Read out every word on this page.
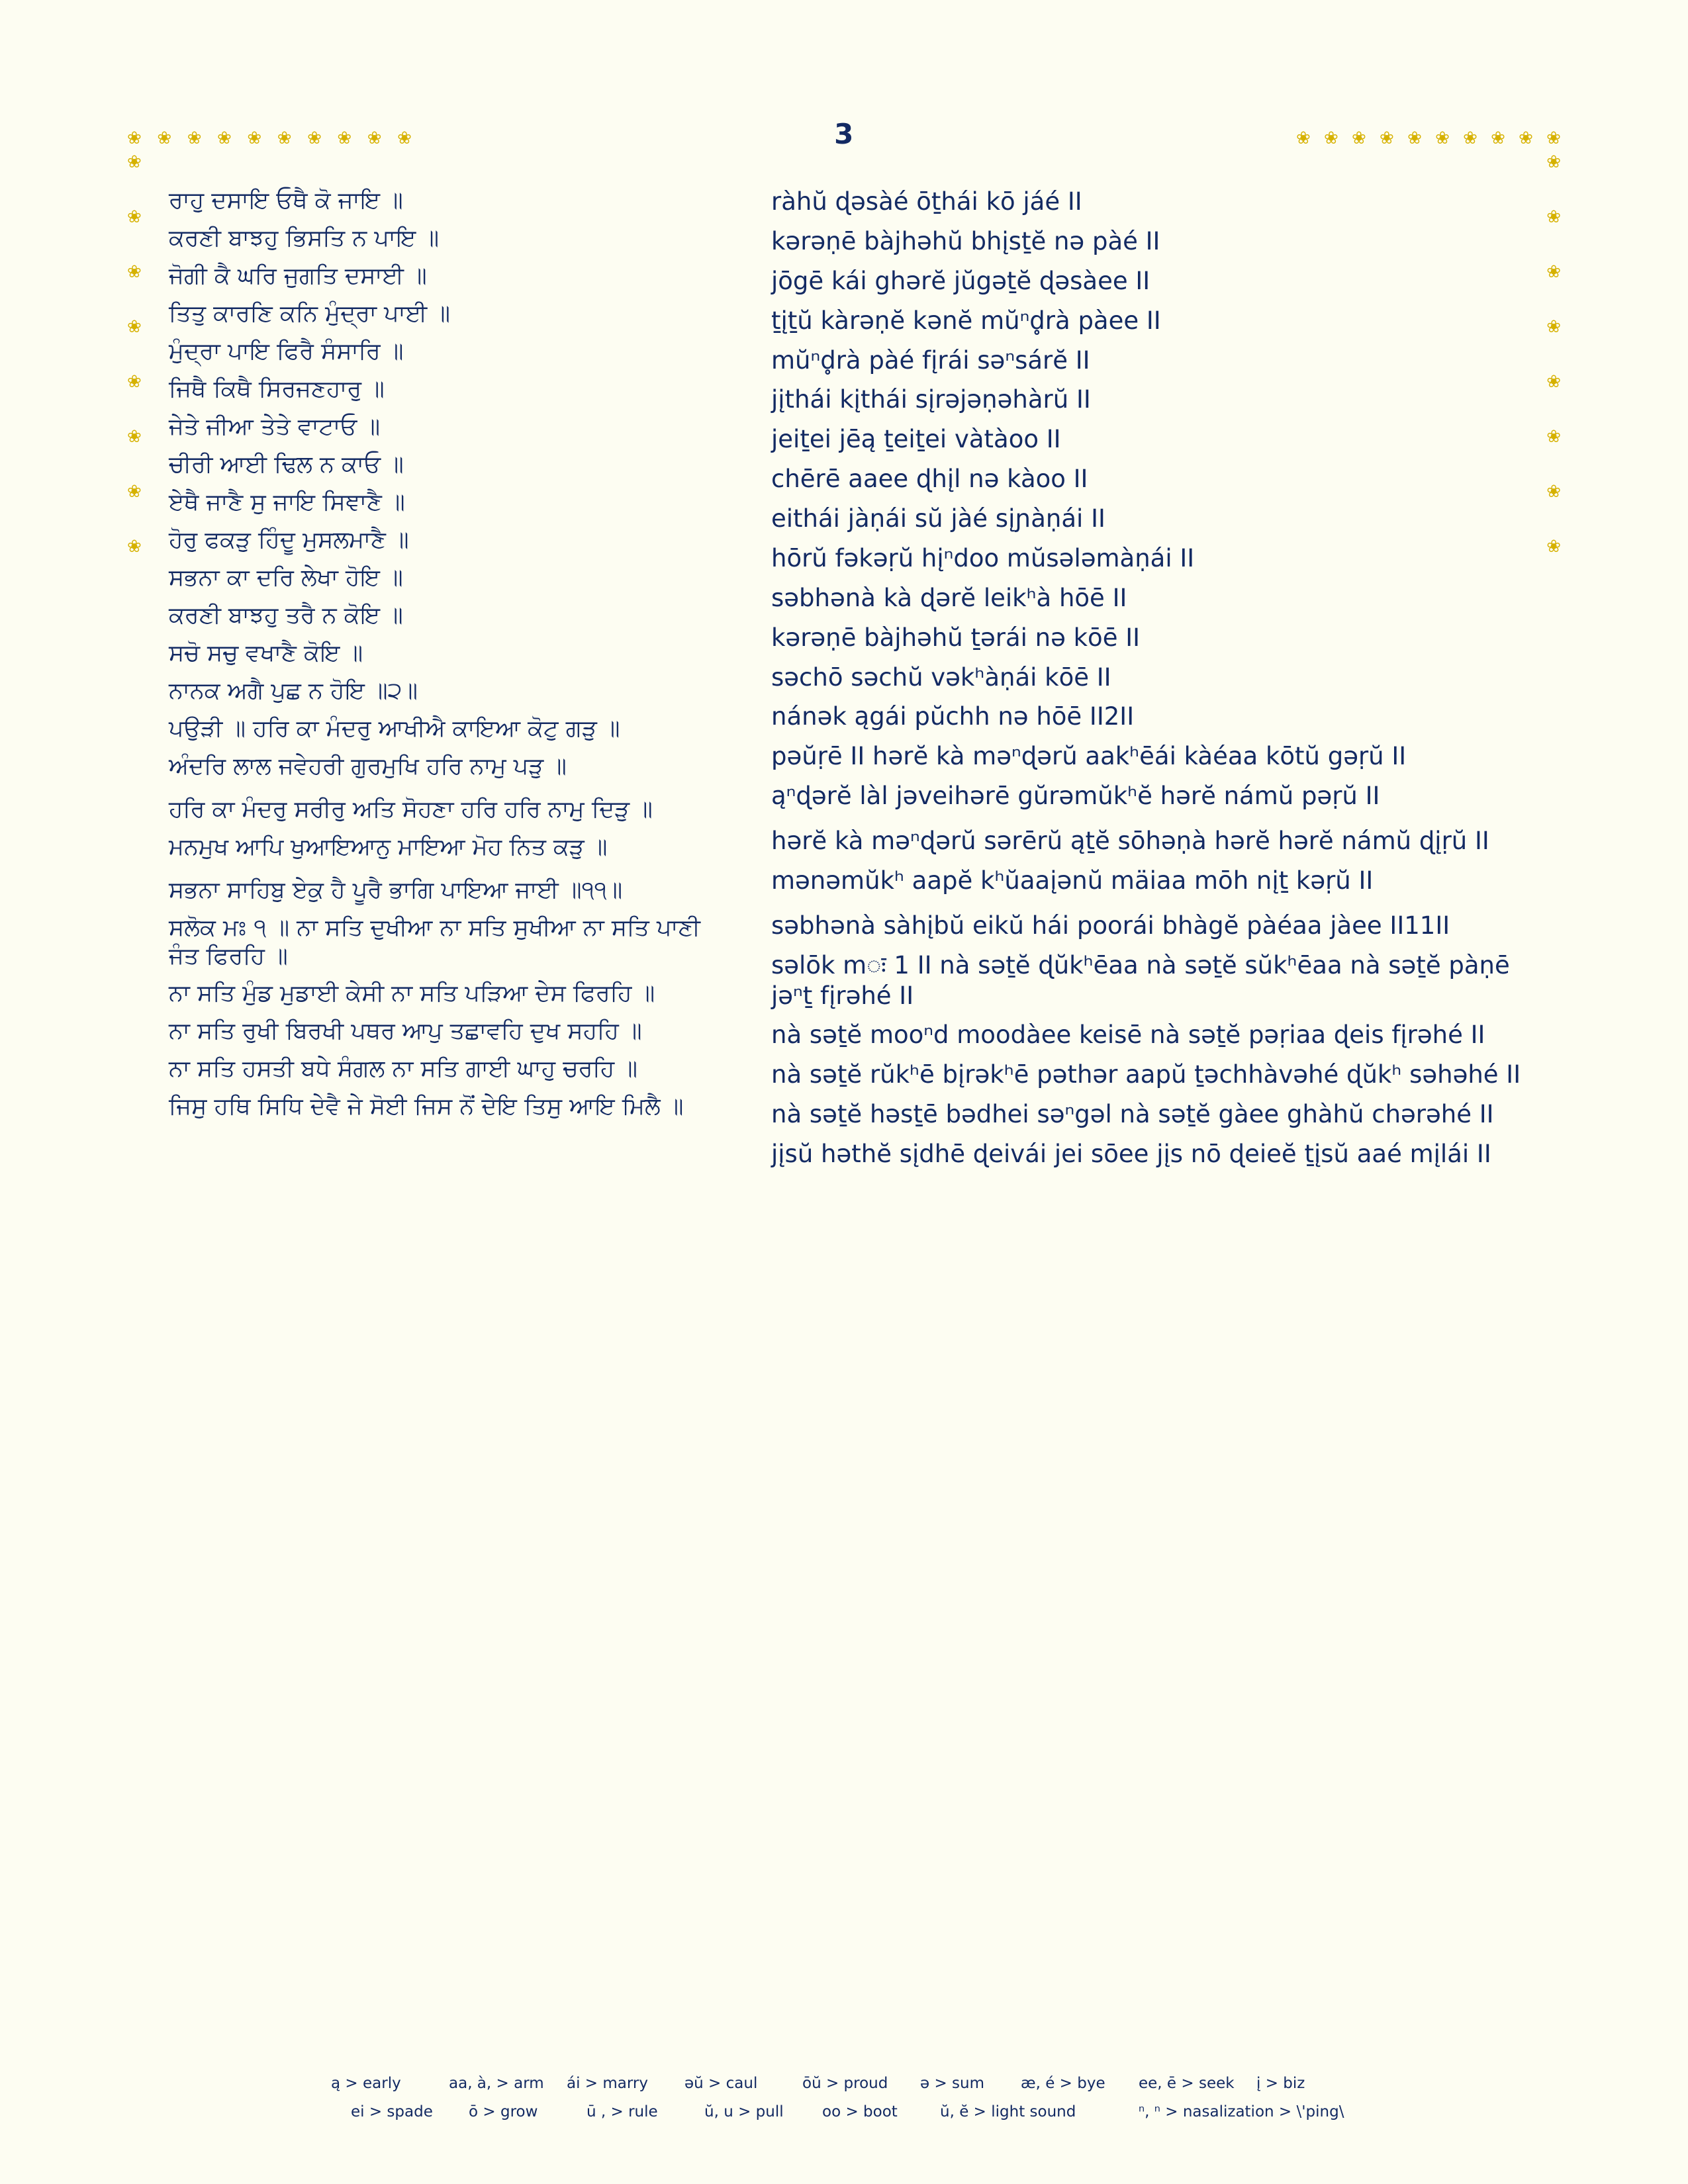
3
❀ ❀ ❀ ❀ ❀ ❀ ❀ ❀ ❀ ❀	❀ ❀ ❀ ❀ ❀ ❀ ❀ ❀ ❀ ❀
❀
❀
❀
❀
❀
❀
❀
❀
❀
❀
❀
❀
❀
❀
❀
❀
ਰਾਹੁ ਦਸਾਇ ਓਥੈ ਕੋ ਜਾਇ ॥
ਕਰਣੀ ਬਾਝਹੁ ਭਿਸਤਿ ਨ ਪਾਇ ॥
ਜੋਗੀ ਕੈ ਘਰਿ ਜੁਗਤਿ ਦਸਾਈ ॥
ਤਿਤੁ ਕਾਰਣਿ ਕਨਿ ਮੁੰਦ੍ਰਾ ਪਾਈ ॥
ਮੁੰਦ੍ਰਾ ਪਾਇ ਫਿਰੈ ਸੰਸਾਰਿ ॥
ਜਿਥੈ ਕਿਥੈ ਸਿਰਜਣਹਾਰੁ ॥
ਜੇਤੇ ਜੀਆ ਤੇਤੇ ਵਾਟਾਓ ॥
ਚੀਰੀ ਆਈ ਢਿਲ ਨ ਕਾਓ ॥
ਏਥੈ ਜਾਣੈ ਸੁ ਜਾਇ ਸਿਞਾਣੈ ॥
ਹੋਰੁ ਫਕੜੁ ਹਿੰਦੂ ਮੁਸਲਮਾਣੈ ॥
ਸਭਨਾ ਕਾ ਦਰਿ ਲੇਖਾ ਹੋਇ ॥
ਕਰਣੀ ਬਾਝਹੁ ਤਰੈ ਨ ਕੋਇ ॥
ਸਚੋ ਸਚੁ ਵਖਾਣੈ ਕੋਇ ॥
ਨਾਨਕ ਅਗੈ ਪੁਛ ਨ ਹੋਇ ॥੨॥
ਪਉੜੀ ॥ ਹਰਿ ਕਾ ਮੰਦਰੁ ਆਖੀਐ ਕਾਇਆ ਕੋਟੁ ਗੜੁ ॥
ਅੰਦਰਿ ਲਾਲ ਜਵੇਹਰੀ ਗੁਰਮੁਖਿ ਹਰਿ ਨਾਮੁ ਪੜੁ ॥
ਹਰਿ ਕਾ ਮੰਦਰੁ ਸਰੀਰੁ ਅਤਿ ਸੋਹਣਾ ਹਰਿ ਹਰਿ ਨਾਮੁ ਦਿੜੁ ॥
ਮਨਮੁਖ ਆਪਿ ਖੁਆਇਆਨੁ ਮਾਇਆ ਮੋਹ ਨਿਤ ਕੜੁ ॥
ਸਭਨਾ ਸਾਹਿਬੁ ਏਕੁ ਹੈ ਪੂਰੈ ਭਾਗਿ ਪਾਇਆ ਜਾਈ ॥੧੧॥
ਸਲੋਕ ਮਃ ੧ ॥ ਨਾ ਸਤਿ ਦੁਖੀਆ ਨਾ ਸਤਿ ਸੁਖੀਆ ਨਾ ਸਤਿ ਪਾਣੀ ਜੰਤ ਫਿਰਹਿ ॥
ਨਾ ਸਤਿ ਮੁੰਡ ਮੁਡਾਈ ਕੇਸੀ ਨਾ ਸਤਿ ਪੜਿਆ ਦੇਸ ਫਿਰਹਿ ॥
ਨਾ ਸਤਿ ਰੁਖੀ ਬਿਰਖੀ ਪਥਰ ਆਪੁ ਤਛਾਵਹਿ ਦੁਖ ਸਹਹਿ ॥
ਨਾ ਸਤਿ ਹਸਤੀ ਬਧੇ ਸੰਗਲ ਨਾ ਸਤਿ ਗਾਈ ਘਾਹੁ ਚਰਹਿ ॥
ਜਿਸੁ ਹਥਿ ਸਿਧਿ ਦੇਵੈ ਜੇ ਸੋਈ ਜਿਸ ਨੋਂ ਦੇਇ ਤਿਸੁ ਆਇ ਮਿਲੈ ॥
ràhŭ ɖəsàé ōṯhái kō jáé II
kərəṇē bàjhəhŭ bhįsṯĕ nə pàé II
jōgē kái ghərĕ jŭgəṯĕ ɖəsàee II
ṯįṯŭ kàrəṇĕ kənĕ mŭⁿd̥rà pàee II
mŭⁿd̥rà pàé fįrái səⁿsárĕ II
jįthái kįthái sįrəjəṇəhàrŭ II
jeiṯei jēą ṯeiṯei vàtàoo II
chērē aaee ɖhįl nə kàoo II
eithái jàṇái sŭ jàé sįɲàṇái II
hōrŭ fəkəṛŭ hįⁿdoo mŭsələmàṇái II
səbhənà kà ɖərĕ leikʰà hōē II
kərəṇē bàjhəhŭ ṯərái nə kōē II
səchō səchŭ vəkʰàṇái kōē II
nánək ągái pŭchh nə hōē II2II
pəŭṛē II hərĕ kà məⁿɖərŭ aakʰēái kàéaa kōtŭ gəṛŭ II
ąⁿɖərĕ làl jəveihərē gŭrəmŭkʰĕ hərĕ námŭ pəṛŭ II
hərĕ kà məⁿɖərŭ sərērŭ ąṯĕ sōhəṇà hərĕ hərĕ námŭ ɖįṛŭ II
mənəmŭkʰ aapĕ kʰŭaaįənŭ mäiaa mōh nįṯ kəṛŭ II
səbhənà sàhįbŭ eikŭ hái poorái bhàgĕ pàéaa jàee II11II
səlōk mः 1 II nà səṯĕ ɖŭkʰēaa nà səṯĕ sŭkʰēaa nà səṯĕ pàṇē jəⁿṯ fįrəhé II
nà səṯĕ mooⁿd moodàee keisē nà səṯĕ pəṛiaa ɖeis fįrəhé II
nà səṯĕ rŭkʰē bįrəkʰē pəthər aapŭ ṯəchhàvəhé ɖŭkʰ səhəhé II
nà səṯĕ həsṯē bədhei səⁿgəl nà səṯĕ gàee ghàhŭ chərəhé II
jįsŭ həthĕ sįdhē ɖeivái jei sōee jįs nō ɖeieĕ ṯįsŭ aaé mįlái II
ą > early	aa, à, > arm	ái > marry	əŭ > caul	ōŭ > proud	ə > sum	æ, é > bye	ee, ē > seek	į > biz
ei > spade	ō > grow	ū , > rule	ŭ, u > pull	oo > boot	ŭ, ĕ > light sound	ⁿ, ⁿ > nasalization > \'ping\
